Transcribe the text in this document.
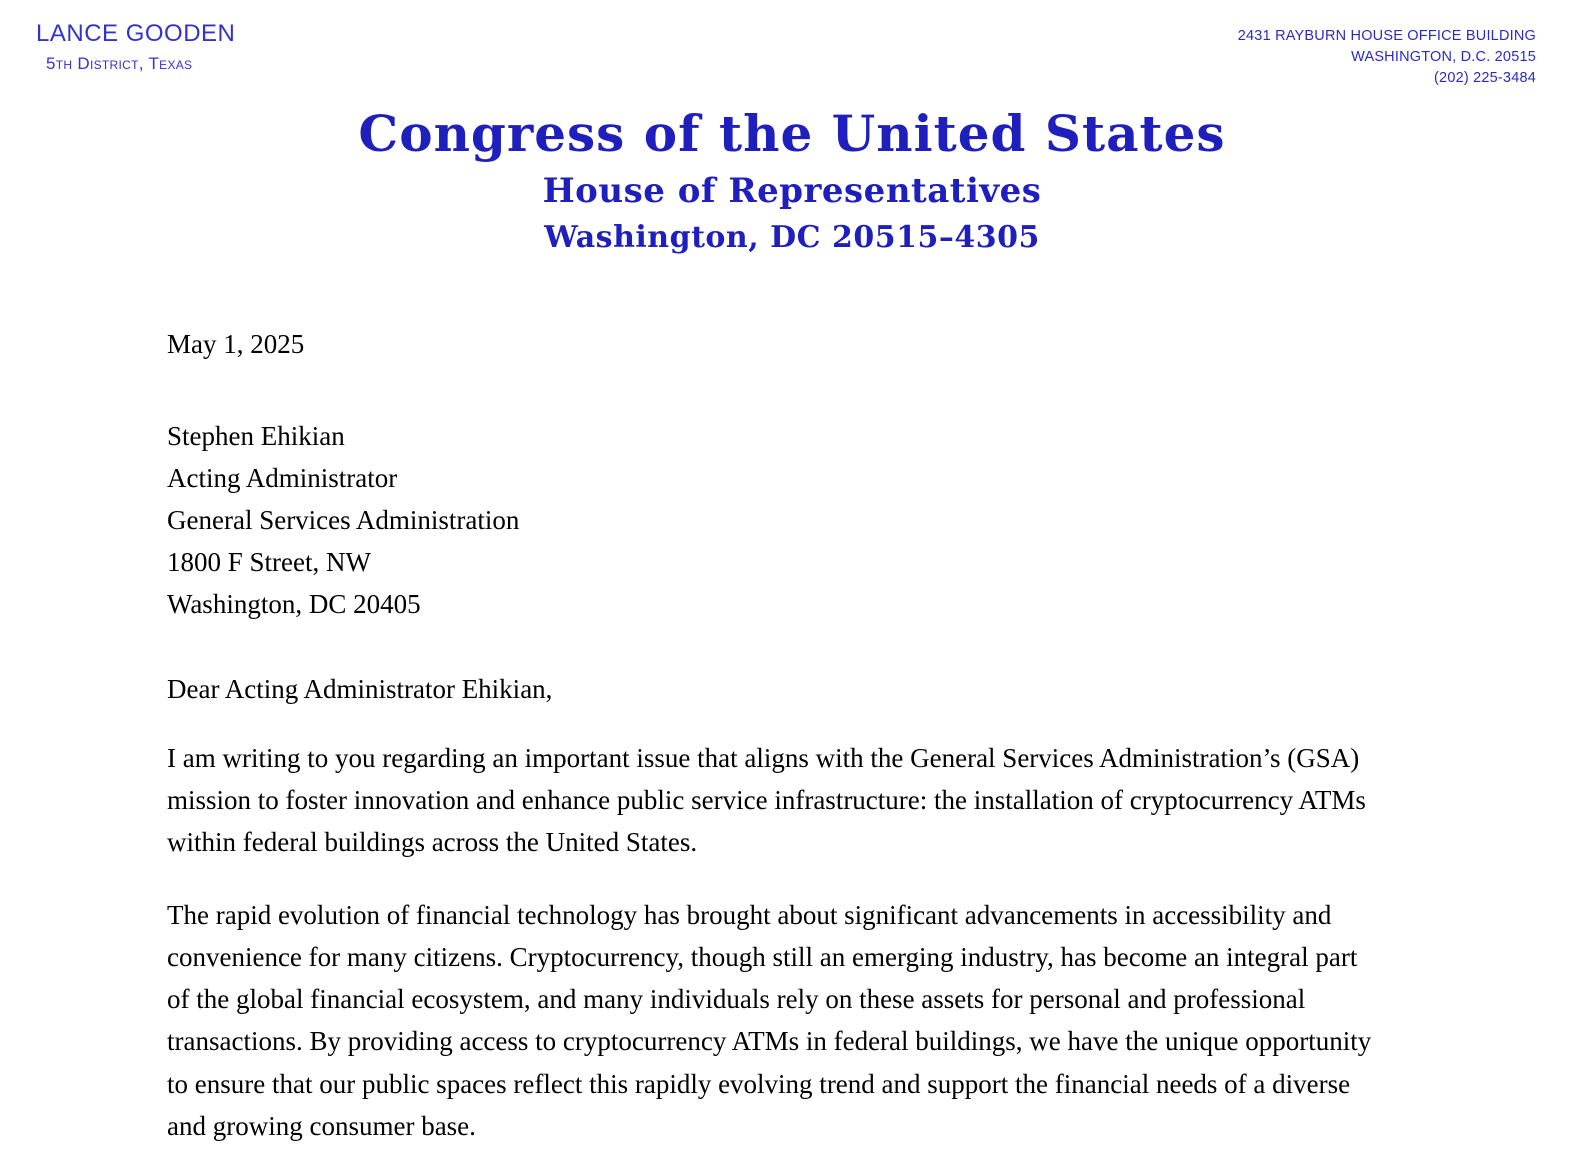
LANCE GOODEN
5th District, Texas
2431 RAYBURN HOUSE OFFICE BUILDING
WASHINGTON, D.C. 20515
(202) 225-3484
Congress of the United States
House of Representatives
Washington, DC 20515–4305
May 1, 2025
Stephen Ehikian
Acting Administrator
General Services Administration
1800 F Street, NW
Washington, DC 20405
Dear Acting Administrator Ehikian,

I am writing to you regarding an important issue that aligns with the General Services Administration’s (GSA) mission to foster innovation and enhance public service infrastructure: the installation of cryptocurrency ATMs within federal buildings across the United States.

The rapid evolution of financial technology has brought about significant advancements in accessibility and convenience for many citizens. Cryptocurrency, though still an emerging industry, has become an integral part of the global financial ecosystem, and many individuals rely on these assets for personal and professional transactions. By providing access to cryptocurrency ATMs in federal buildings, we have the unique opportunity to ensure that our public spaces reflect this rapidly evolving trend and support the financial needs of a diverse and growing consumer base.
